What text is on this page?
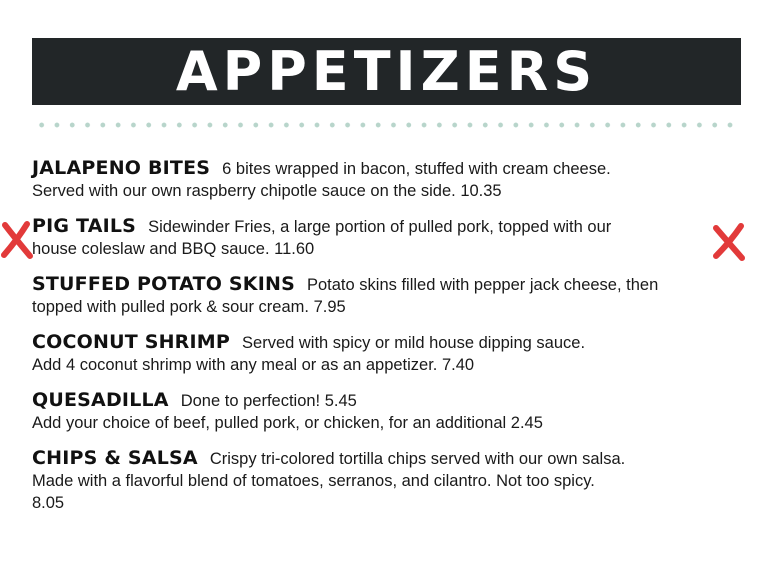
APPETIZERS
JALAPENO BITES 6 bites wrapped in bacon, stuffed with cream cheese.
Served with our own raspberry chipotle sauce on the side. 10.35
PIG TAILS Sidewinder Fries, a large portion of pulled pork, topped with our
house coleslaw and BBQ sauce. 11.60
STUFFED POTATO SKINS Potato skins filled with pepper jack cheese, then
topped with pulled pork & sour cream. 7.95
COCONUT SHRIMP Served with spicy or mild house dipping sauce.
Add 4 coconut shrimp with any meal or as an appetizer. 7.40
QUESADILLA Done to perfection! 5.45
Add your choice of beef, pulled pork, or chicken, for an additional 2.45
CHIPS & SALSA Crispy tri-colored tortilla chips served with our own salsa.
Made with a flavorful blend of tomatoes, serranos, and cilantro. Not too spicy.
8.05
